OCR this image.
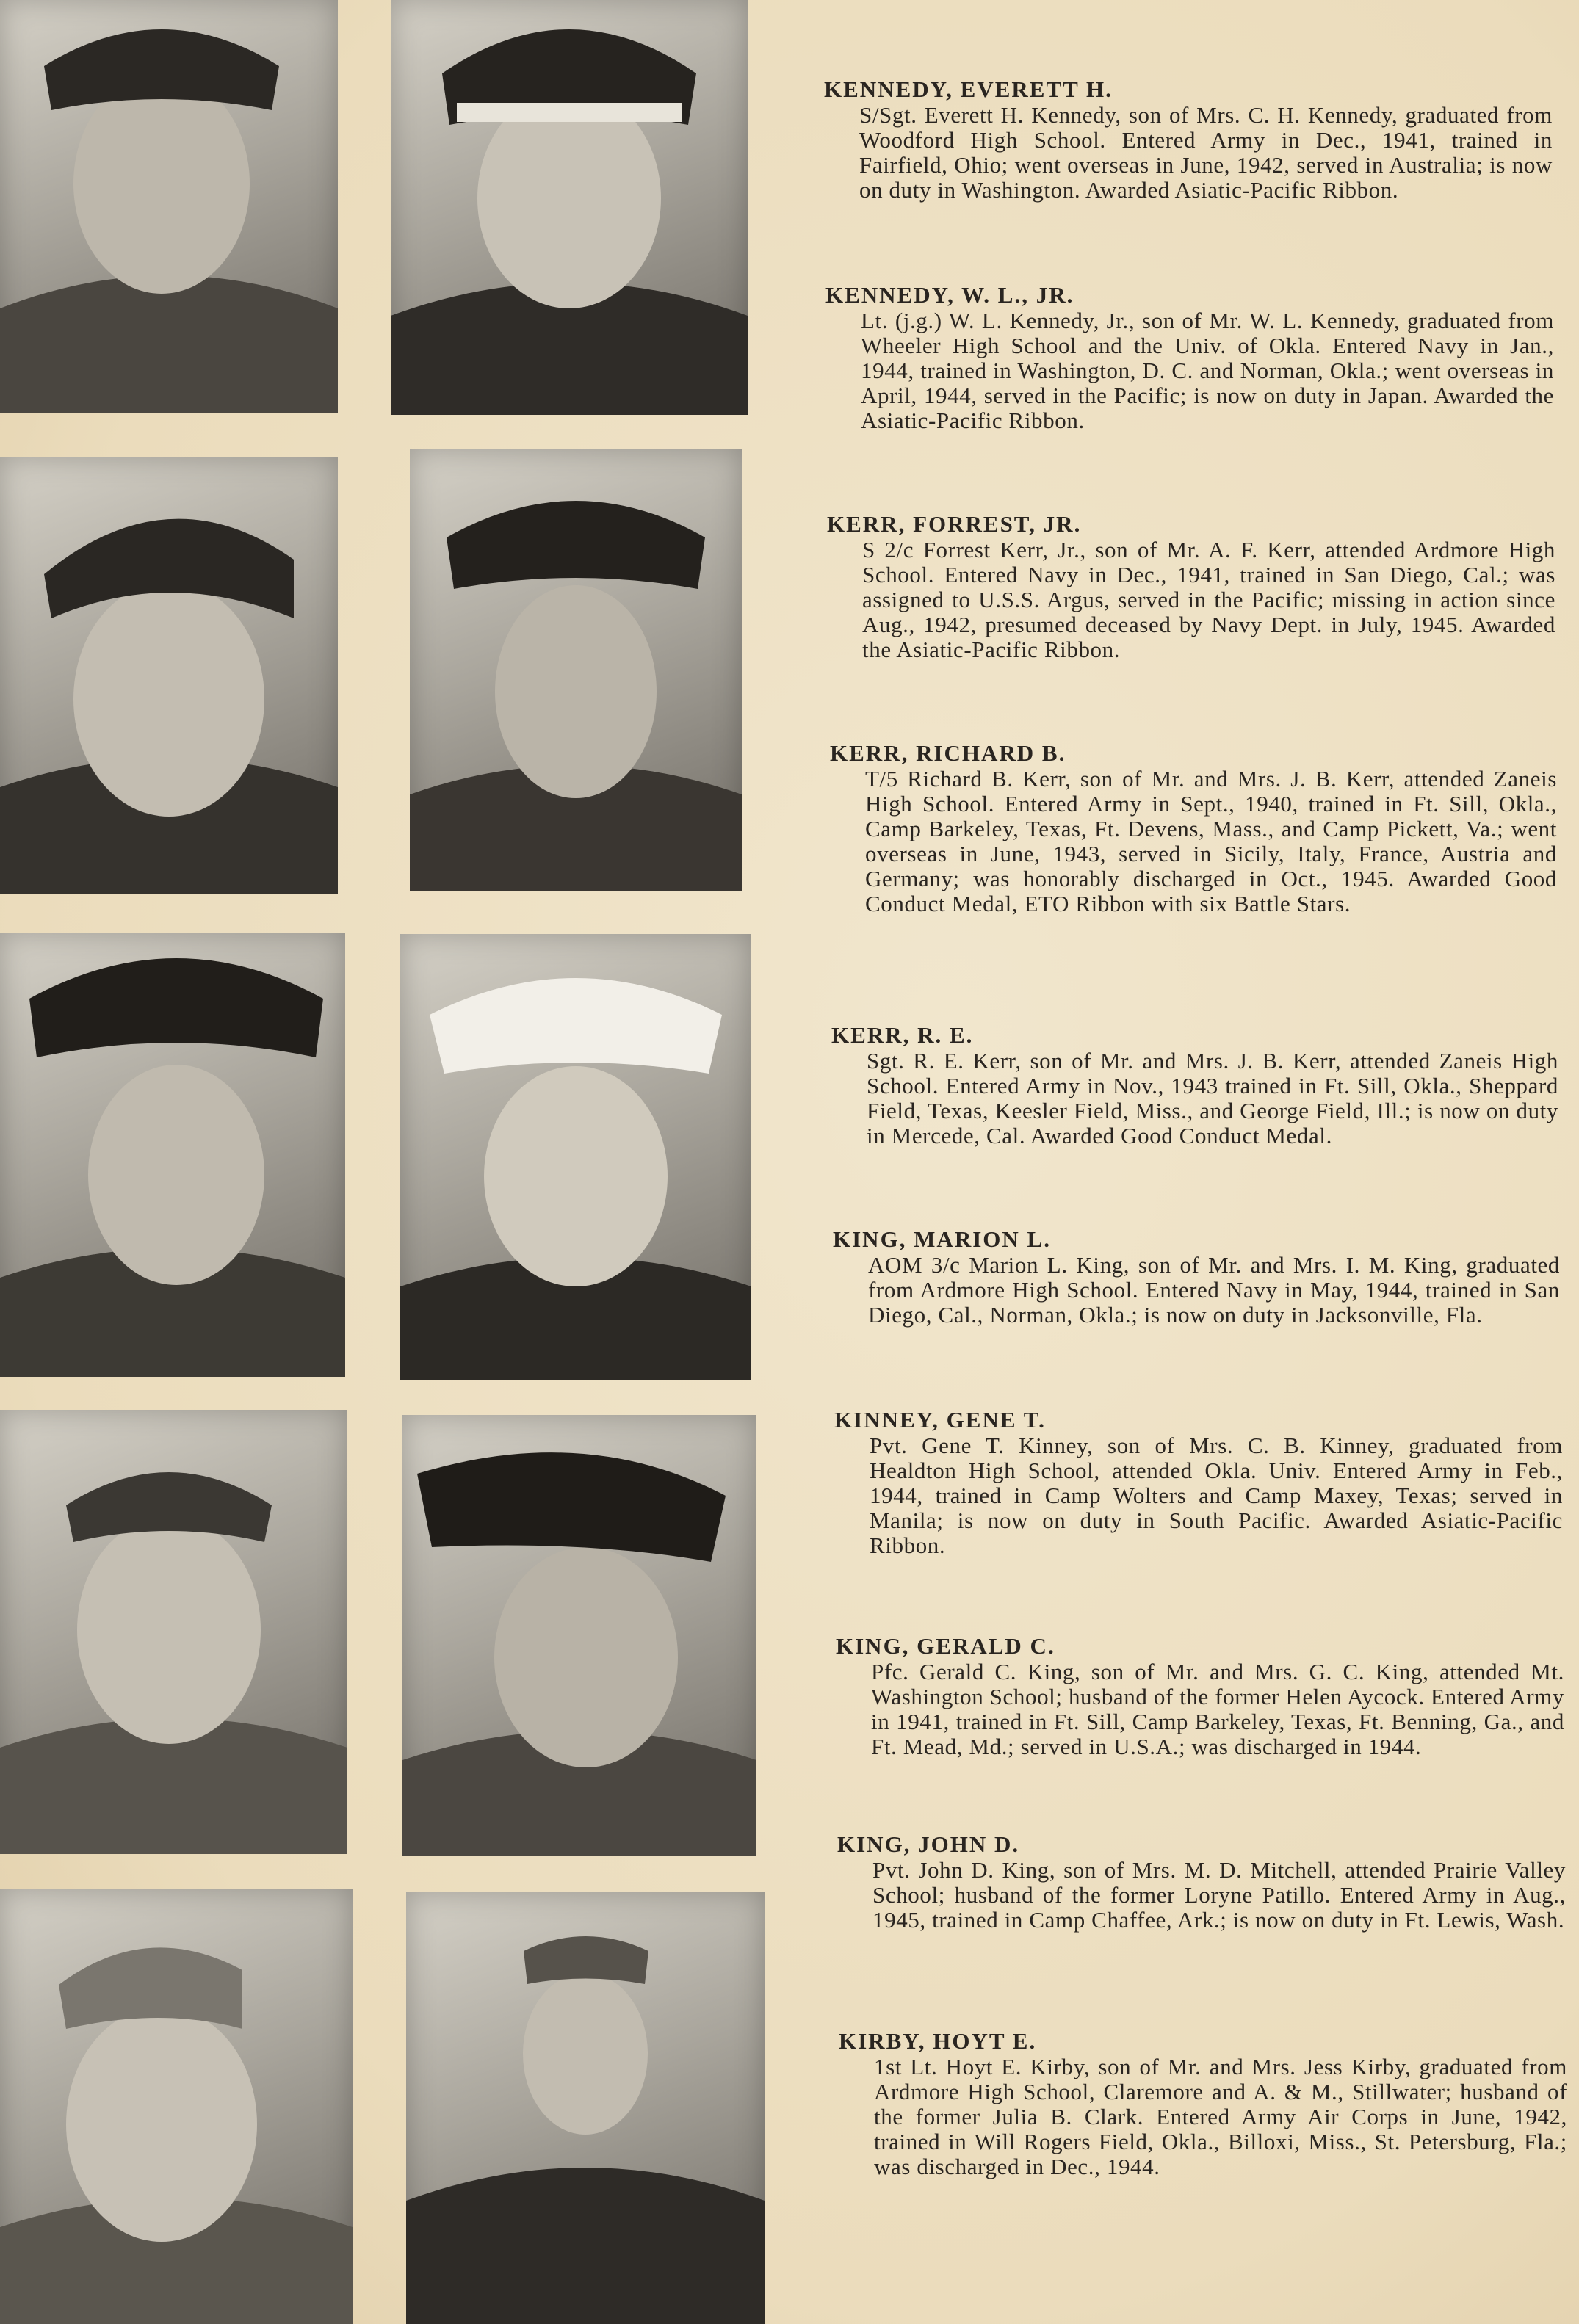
KENNEDY, EVERETT H.
S/Sgt. Everett H. Kennedy, son of Mrs. C. H. Kennedy, graduated from Woodford High School. Entered Army in Dec., 1941, trained in Fairfield, Ohio; went overseas in June, 1942, served in Australia; is now on duty in Washington. Awarded Asiatic-Pacific Ribbon.
KENNEDY, W. L., JR.
Lt. (j.g.) W. L. Kennedy, Jr., son of Mr. W. L. Kennedy, graduated from Wheeler High School and the Univ. of Okla. Entered Navy in Jan., 1944, trained in Washington, D. C. and Norman, Okla.; went overseas in April, 1944, served in the Pacific; is now on duty in Japan. Awarded the Asiatic-Pacific Ribbon.
KERR, FORREST, JR.
S 2/c Forrest Kerr, Jr., son of Mr. A. F. Kerr, attended Ardmore High School. Entered Navy in Dec., 1941, trained in San Diego, Cal.; was assigned to U.S.S. Argus, served in the Pacific; missing in action since Aug., 1942, presumed deceased by Navy Dept. in July, 1945. Awarded the Asiatic-Pacific Ribbon.
KERR, RICHARD B.
T/5 Richard B. Kerr, son of Mr. and Mrs. J. B. Kerr, attended Zaneis High School. Entered Army in Sept., 1940, trained in Ft. Sill, Okla., Camp Barkeley, Texas, Ft. Devens, Mass., and Camp Pickett, Va.; went overseas in June, 1943, served in Sicily, Italy, France, Austria and Germany; was honorably discharged in Oct., 1945. Awarded Good Conduct Medal, ETO Ribbon with six Battle Stars.
KERR, R. E.
Sgt. R. E. Kerr, son of Mr. and Mrs. J. B. Kerr, attended Zaneis High School. Entered Army in Nov., 1943 trained in Ft. Sill, Okla., Sheppard Field, Texas, Keesler Field, Miss., and George Field, Ill.; is now on duty in Mercede, Cal. Awarded Good Conduct Medal.
KING, MARION L.
AOM 3/c Marion L. King, son of Mr. and Mrs. I. M. King, graduated from Ardmore High School. Entered Navy in May, 1944, trained in San Diego, Cal., Norman, Okla.; is now on duty in Jacksonville, Fla.
KINNEY, GENE T.
Pvt. Gene T. Kinney, son of Mrs. C. B. Kinney, graduated from Healdton High School, attended Okla. Univ. Entered Army in Feb., 1944, trained in Camp Wolters and Camp Maxey, Texas; served in Manila; is now on duty in South Pacific. Awarded Asiatic-Pacific Ribbon.
KING, GERALD C.
Pfc. Gerald C. King, son of Mr. and Mrs. G. C. King, attended Mt. Washington School; husband of the former Helen Aycock. Entered Army in 1941, trained in Ft. Sill, Camp Barkeley, Texas, Ft. Benning, Ga., and Ft. Mead, Md.; served in U.S.A.; was discharged in 1944.
KING, JOHN D.
Pvt. John D. King, son of Mrs. M. D. Mitchell, attended Prairie Valley School; husband of the former Loryne Patillo. Entered Army in Aug., 1945, trained in Camp Chaffee, Ark.; is now on duty in Ft. Lewis, Wash.
KIRBY, HOYT E.
1st Lt. Hoyt E. Kirby, son of Mr. and Mrs. Jess Kirby, graduated from Ardmore High School, Claremore and A. & M., Stillwater; husband of the former Julia B. Clark. Entered Army Air Corps in June, 1942, trained in Will Rogers Field, Okla., Billoxi, Miss., St. Petersburg, Fla.; was discharged in Dec., 1944.
